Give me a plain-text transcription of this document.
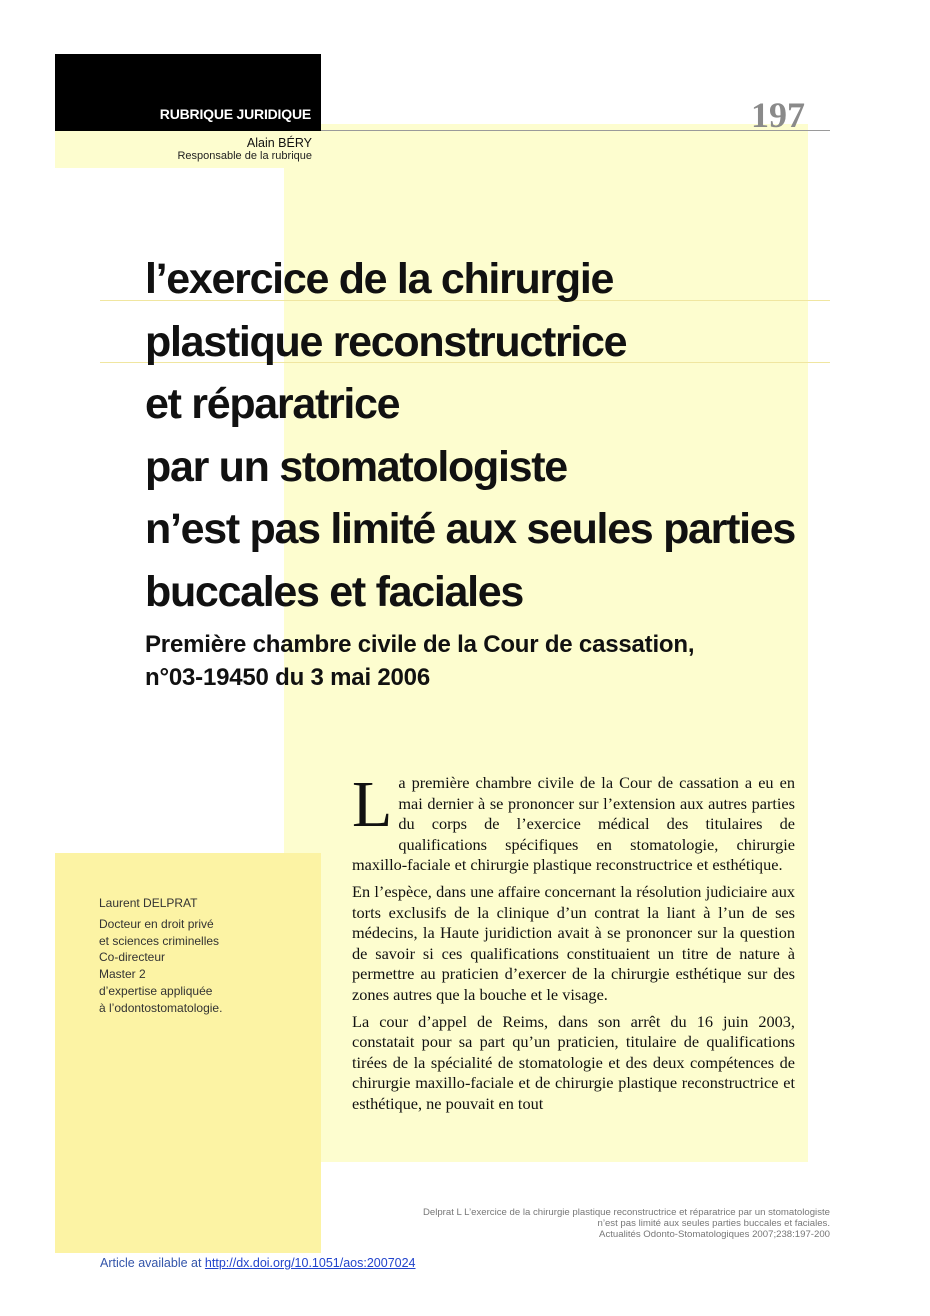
RUBRIQUE JURIDIQUE	197
Alain BÉRY
Responsable de la rubrique
l’exercice de la chirurgie
plastique reconstructrice
et réparatrice
par un stomatologiste
n’est pas limité aux seules parties
buccales et faciales
Première chambre civile de la Cour de cassation,
n°03-19450 du 3 mai 2006

La première chambre civile de la Cour de cassation a eu en mai dernier à se prononcer sur l’extension aux autres parties du corps de l’exercice médical des titulaires de qualifications spécifiques en stomatologie, chirurgie maxillo-faciale et chirurgie plastique reconstructrice et esthétique.

En l’espèce, dans une affaire concernant la résolution judiciaire aux torts exclusifs de la clinique d’un contrat la liant à l’un de ses médecins, la Haute juridiction avait à se prononcer sur la question de savoir si ces qualifications constituaient un titre de nature à permettre au praticien d’exercer de la chirurgie esthétique sur des zones autres que la bouche et le visage.

La cour d’appel de Reims, dans son arrêt du 16 juin 2003, constatait pour sa part qu’un praticien, titulaire de qualifications tirées de la spécialité de stomatologie et des deux compétences de chirurgie maxillo-faciale et de chirurgie plastique reconstructrice et esthétique, ne pouvait en tout

Laurent DELPRAT
Docteur en droit privé
et sciences criminelles
Co-directeur
Master 2
d’expertise appliquée
à l’odontostomatologie.
Delprat L L’exercice de la chirurgie plastique reconstructrice et réparatrice par un stomatologiste
n’est pas limité aux seules parties buccales et faciales.
Actualités Odonto-Stomatologiques 2007;238:197-200
Article available at http://dx.doi.org/10.1051/aos:2007024
